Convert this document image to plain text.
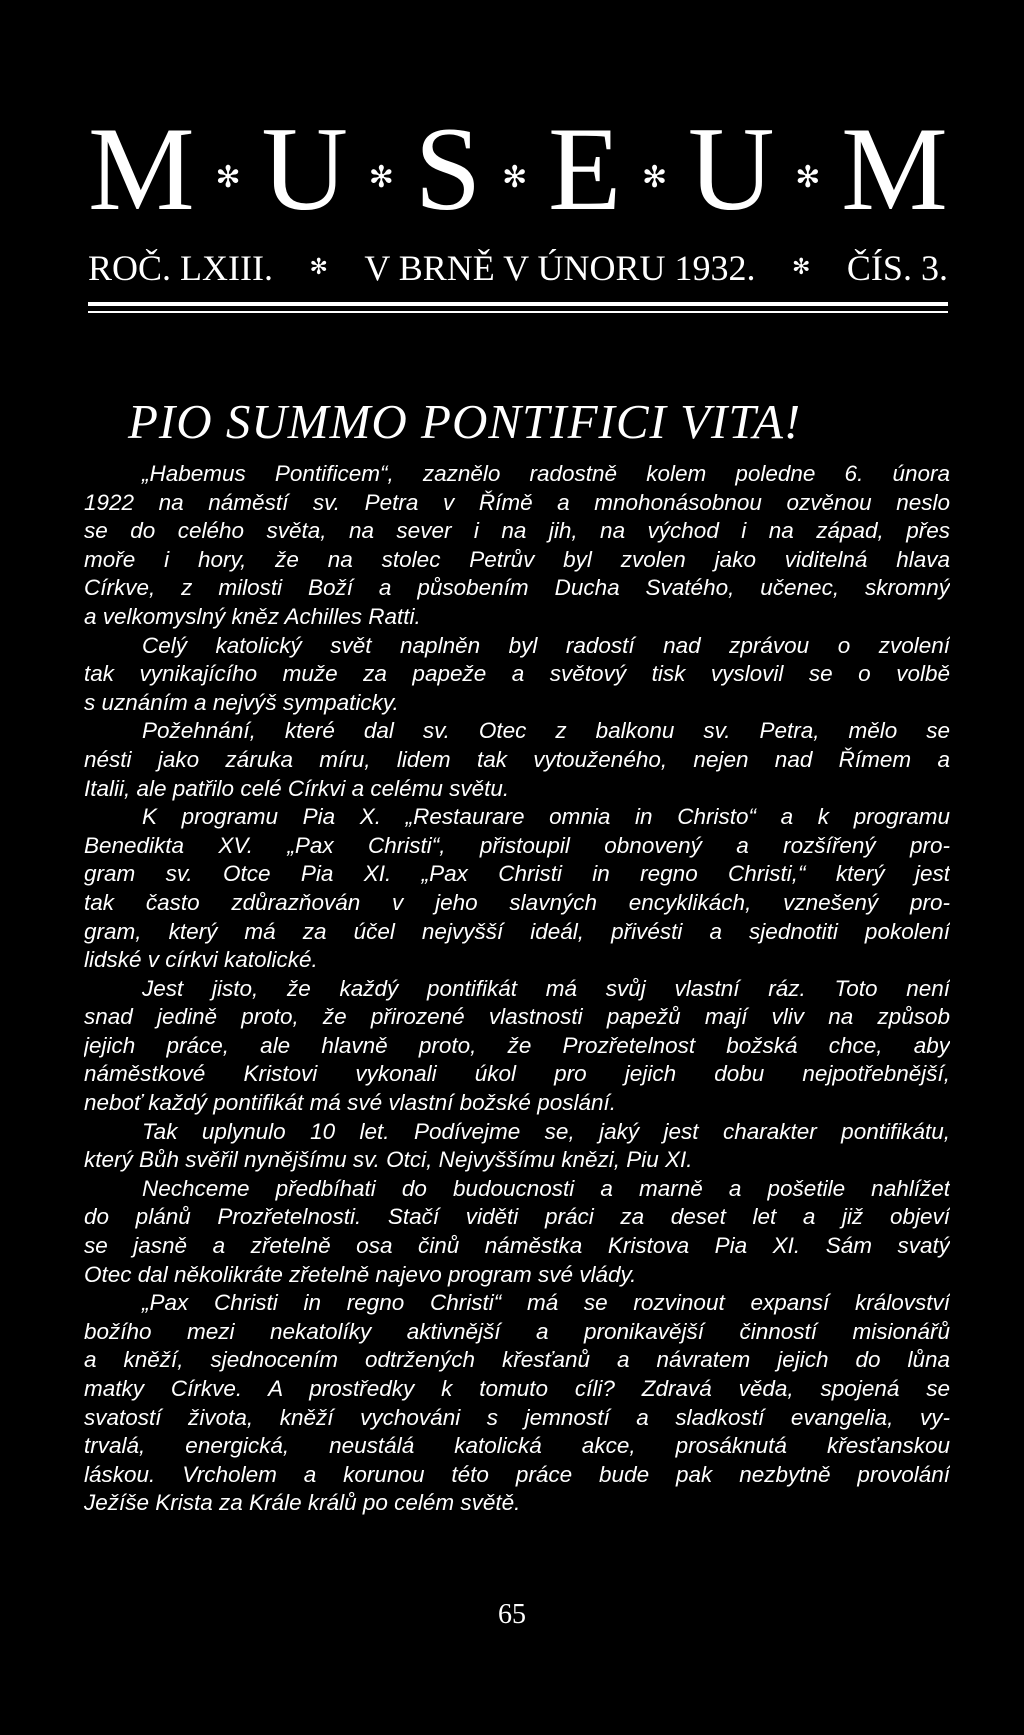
M ✻ U ✻ S ✻ E ✻ U ✻ M
ROČ. LXIII. ✻ V BRNĚ V ÚNORU 1932. ✻ ČÍS. 3.
PIO SUMMO PONTIFICI VITA!
„Habemus Pontificem“, zaznělo radostně kolem poledne 6. února
1922 na náměstí sv. Petra v Římě a mnohonásobnou ozvěnou neslo
se do celého světa, na sever i na jih, na východ i na západ, přes
moře i hory, že na stolec Petrův byl zvolen jako viditelná hlava
Církve, z milosti Boží a působením Ducha Svatého, učenec, skromný
a velkomyslný kněz Achilles Ratti.
Celý katolický svět naplněn byl radostí nad zprávou o zvolení
tak vynikajícího muže za papeže a světový tisk vyslovil se o volbě
s uznáním a nejvýš sympaticky.
Požehnání, které dal sv. Otec z balkonu sv. Petra, mělo se
nésti jako záruka míru, lidem tak vytouženého, nejen nad Římem a
Italii, ale patřilo celé Církvi a celému světu.
K programu Pia X. „Restaurare omnia in Christo“ a k programu
Benedikta XV. „Pax Christi“, přistoupil obnovený a rozšířený pro-
gram sv. Otce Pia XI. „Pax Christi in regno Christi,“ který jest
tak často zdůrazňován v jeho slavných encyklikách, vznešený pro-
gram, který má za účel nejvyšší ideál, přivésti a sjednotiti pokolení
lidské v církvi katolické.
Jest jisto, že každý pontifikát má svůj vlastní ráz. Toto není
snad jedině proto, že přirozené vlastnosti papežů mají vliv na způsob
jejich práce, ale hlavně proto, že Prozřetelnost božská chce, aby
náměstkové Kristovi vykonali úkol pro jejich dobu nejpotřebnější,
neboť každý pontifikát má své vlastní božské poslání.
Tak uplynulo 10 let. Podívejme se, jaký jest charakter pontifikátu,
který Bůh svěřil nynějšímu sv. Otci, Nejvyššímu knězi, Piu XI.
Nechceme předbíhati do budoucnosti a marně a pošetile nahlížet
do plánů Prozřetelnosti. Stačí viděti práci za deset let a již objeví
se jasně a zřetelně osa činů náměstka Kristova Pia XI. Sám svatý
Otec dal několikráte zřetelně najevo program své vlády.
„Pax Christi in regno Christi“ má se rozvinout expansí království
božího mezi nekatolíky aktivnější a pronikavější činností misionářů
a kněží, sjednocením odtržených křesťanů a návratem jejich do lůna
matky Církve. A prostředky k tomuto cíli? Zdravá věda, spojená se
svatostí života, kněží vychováni s jemností a sladkostí evangelia, vy-
trvalá, energická, neustálá katolická akce, prosáknutá křesťanskou
láskou. Vrcholem a korunou této práce bude pak nezbytně provolání
Ježíše Krista za Krále králů po celém světě.
65
